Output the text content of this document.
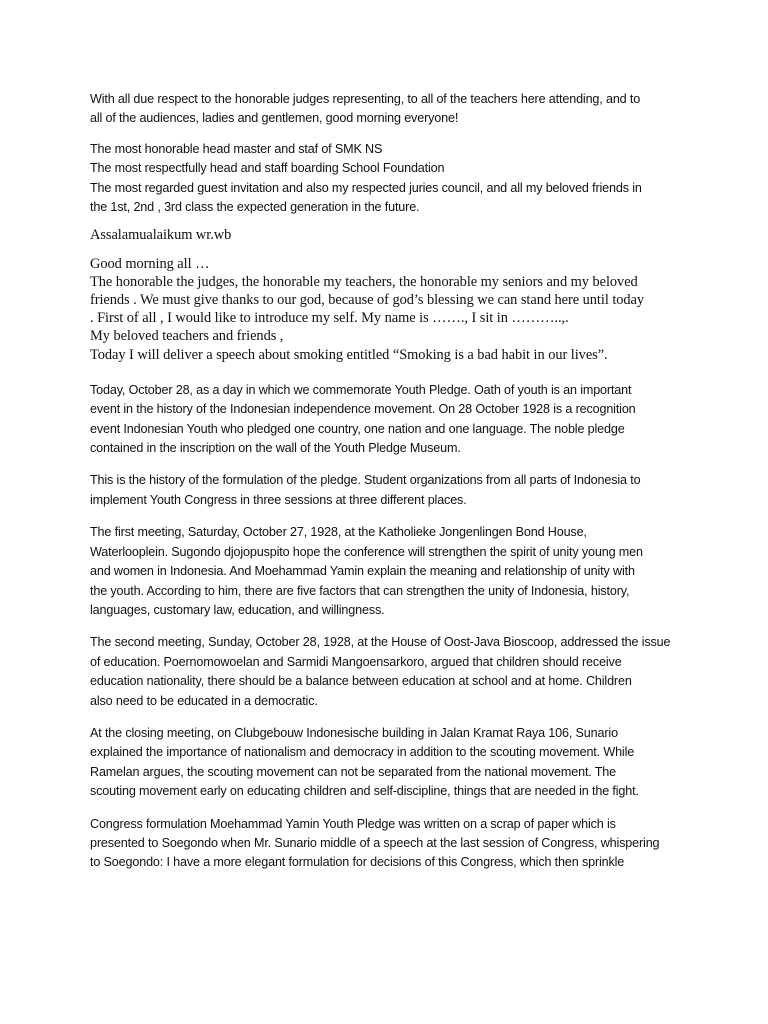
With all due respect to the honorable judges representing, to all of the teachers here attending, and to
all of the audiences, ladies and gentlemen, good morning everyone!
The most honorable head master and staf of SMK NS
The most respectfully head and staff boarding School Foundation
The most regarded guest invitation and also my respected juries council, and all my beloved friends in
the 1st, 2nd , 3rd class the expected generation in the future.
Assalamualaikum wr.wb
Good morning all …
The honorable the judges, the honorable my teachers, the honorable my seniors and my beloved
friends . We must give thanks to our god, because of god’s blessing we can stand here until today
. First of all , I would like to introduce my self. My name is ……., I sit in ………..,.
My beloved teachers and friends ,
Today I will deliver a speech about smoking entitled “Smoking is a bad habit in our lives”.
Today, October 28, as a day in which we commemorate Youth Pledge. Oath of youth is an important
event in the history of the Indonesian independence movement. On 28 October 1928 is a recognition
event Indonesian Youth who pledged one country, one nation and one language. The noble pledge
contained in the inscription on the wall of the Youth Pledge Museum.
This is the history of the formulation of the pledge. Student organizations from all parts of Indonesia to
implement Youth Congress in three sessions at three different places.
The first meeting, Saturday, October 27, 1928, at the Katholieke Jongenlingen Bond House,
Waterlooplein. Sugondo djojopuspito hope the conference will strengthen the spirit of unity young men
and women in Indonesia. And Moehammad Yamin explain the meaning and relationship of unity with
the youth. According to him, there are five factors that can strengthen the unity of Indonesia, history,
languages, customary law, education, and willingness.
The second meeting, Sunday, October 28, 1928, at the House of Oost-Java Bioscoop, addressed the issue
of education. Poernomowoelan and Sarmidi Mangoensarkoro, argued that children should receive
education nationality, there should be a balance between education at school and at home. Children
also need to be educated in a democratic.
At the closing meeting, on Clubgebouw Indonesische building in Jalan Kramat Raya 106, Sunario
explained the importance of nationalism and democracy in addition to the scouting movement. While
Ramelan argues, the scouting movement can not be separated from the national movement. The
scouting movement early on educating children and self-discipline, things that are needed in the fight.
Congress formulation Moehammad Yamin Youth Pledge was written on a scrap of paper which is
presented to Soegondo when Mr. Sunario middle of a speech at the last session of Congress, whispering
to Soegondo: I have a more elegant formulation for decisions of this Congress, which then sprinkle
